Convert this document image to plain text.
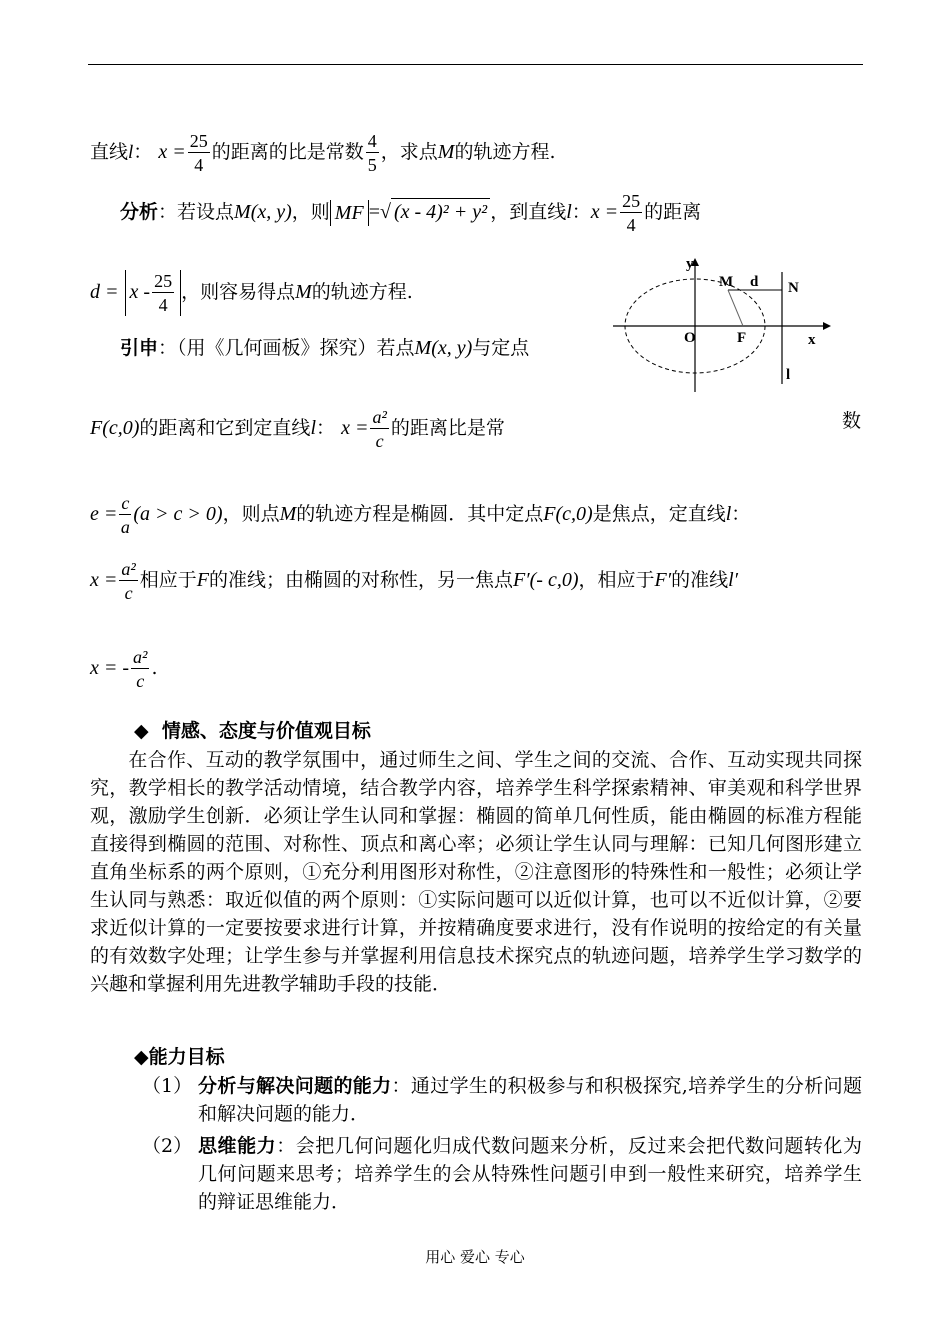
直线l： $x = \frac{25}{4}$ 的距离的比是常数 $\frac{4}{5}$ ，求点M的轨迹方程.
分析：若设点M(x, y)，则 MF =√ (x - 4)² + y² ，到直线l：$x = \frac{25}{4}$ 的距离
$d = x - \frac{25}{4}$ ，则容易得点M的轨迹方程.
y
x
M d N
O	F
l
引申：（用《几何画板》探究）若点M(x, y)与定点
F(c,0)的距离和它到定直线l： $x = \frac{\text{a²}}{c}$ 的距离比是常	数
$e = \frac{c}{a} (a > c > 0)$，则点M的轨迹方程是椭圆．其中定点F(c,0)是焦点，定直线l：
$x = \frac{\text{a²}}{c}$ 相应于F的准线；由椭圆的对称性，另一焦点F′(- c,0)，相应于F′的准线l′
x = - $\frac{\text{a²}}{c}$ .
◆ 情感、态度与价值观目标
在合作、互动的教学氛围中，通过师生之间、学生之间的交流、合作、互动实现共同探究，教学相长的教学活动情境，结合教学内容，培养学生科学探索精神、审美观和科学世界观，激励学生创新．必须让学生认同和掌握：椭圆的简单几何性质，能由椭圆的标准方程能直接得到椭圆的范围、对称性、顶点和离心率；必须让学生认同与理解：已知几何图形建立直角坐标系的两个原则，①充分利用图形对称性，②注意图形的特殊性和一般性；必须让学生认同与熟悉：取近似值的两个原则：①实际问题可以近似计算，也可以不近似计算，②要求近似计算的一定要按要求进行计算，并按精确度要求进行，没有作说明的按给定的有关量的有效数字处理；让学生参与并掌握利用信息技术探究点的轨迹问题，培养学生学习数学的兴趣和掌握利用先进教学辅助手段的技能．
◆能力目标
（1） 分析与解决问题的能力：通过学生的积极参与和积极探究,培养学生的分析问题和解决问题的能力．
（2） 思维能力：会把几何问题化归成代数问题来分析，反过来会把代数问题转化为几何问题来思考；培养学生的会从特殊性问题引申到一般性来研究，培养学生的辩证思维能力．
用心 爱心 专心
